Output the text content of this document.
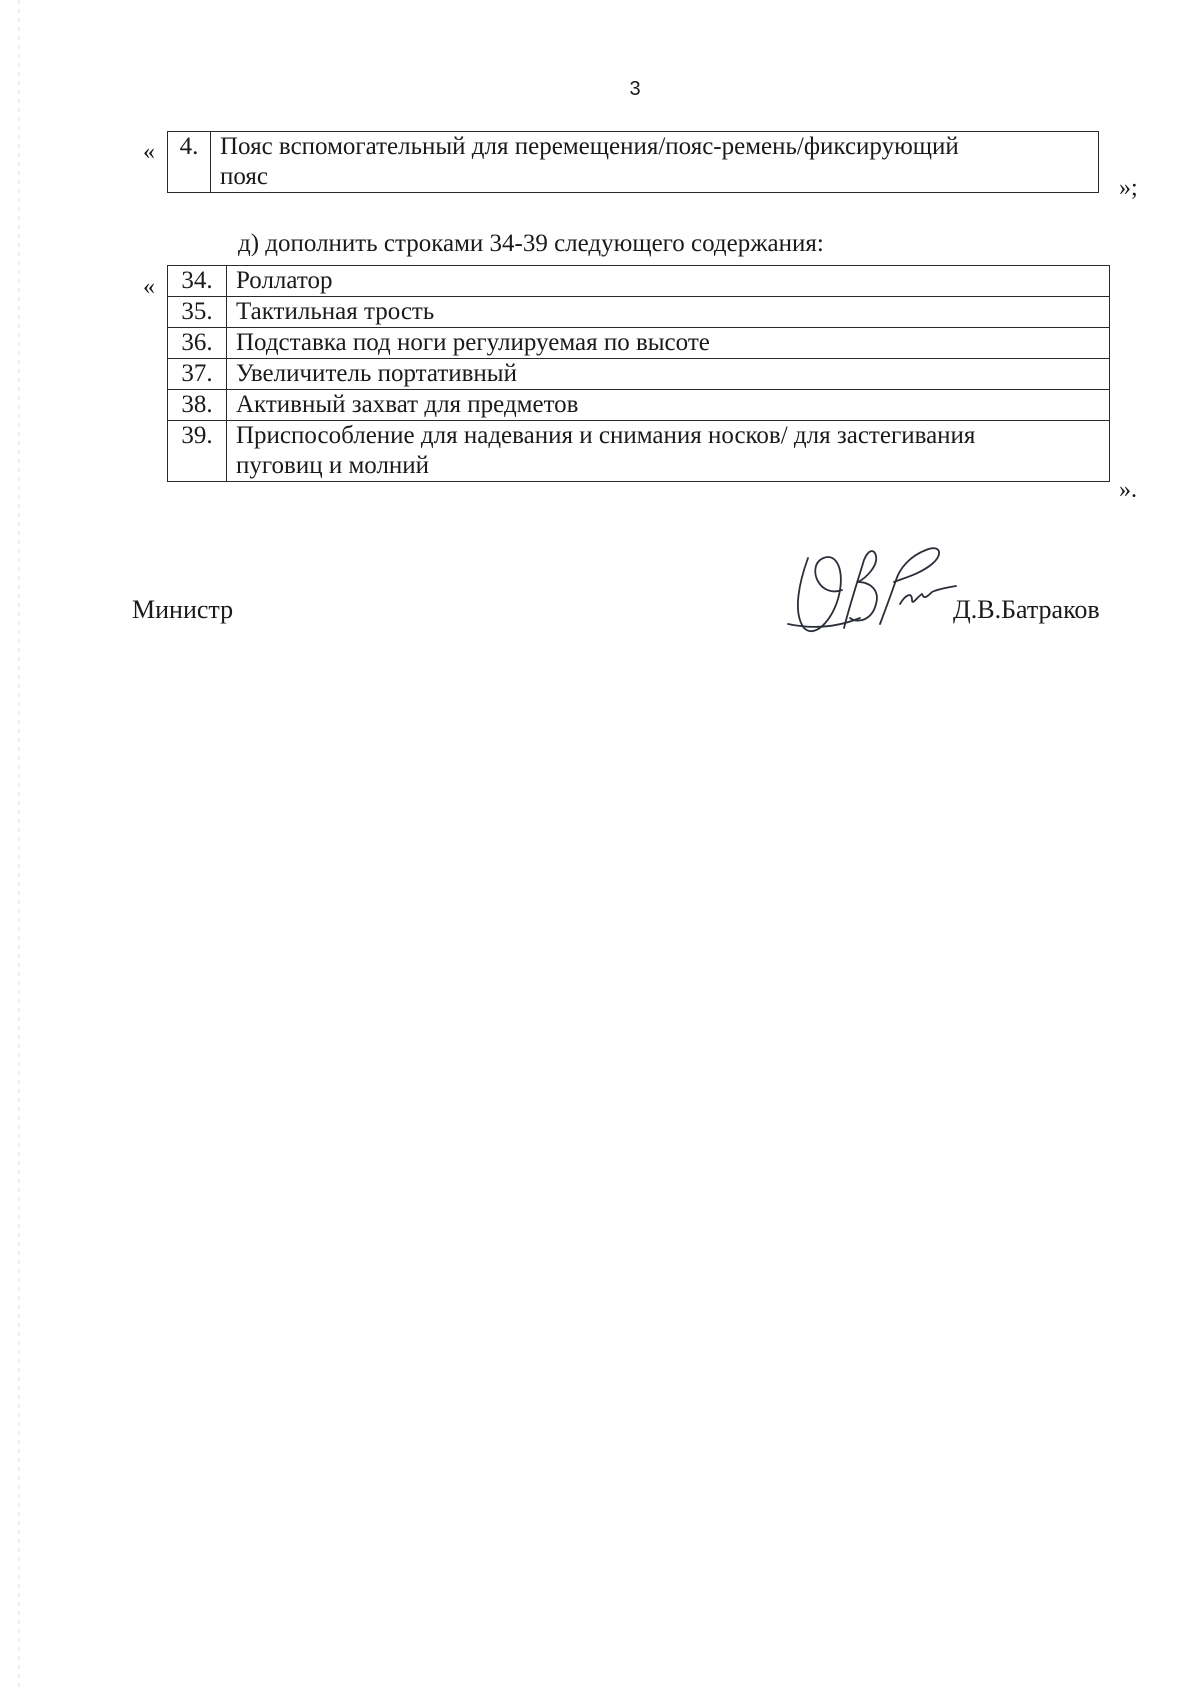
3
« 4.	Пояс вспомогательный для перемещения/пояс-ремень/фиксирующий
пояс	»;
д) дополнить строками 34-39 следующего содержания:
« 34.	Роллатор
35.	Тактильная трость
36.	Подставка под ноги регулируемая по высоте
37.	Увеличитель портативный
38.	Активный захват для предметов
39.	Приспособление для надевания и снимания носков/ для застегивания
пуговиц и молний
».
Министр	Д.В.Батраков
